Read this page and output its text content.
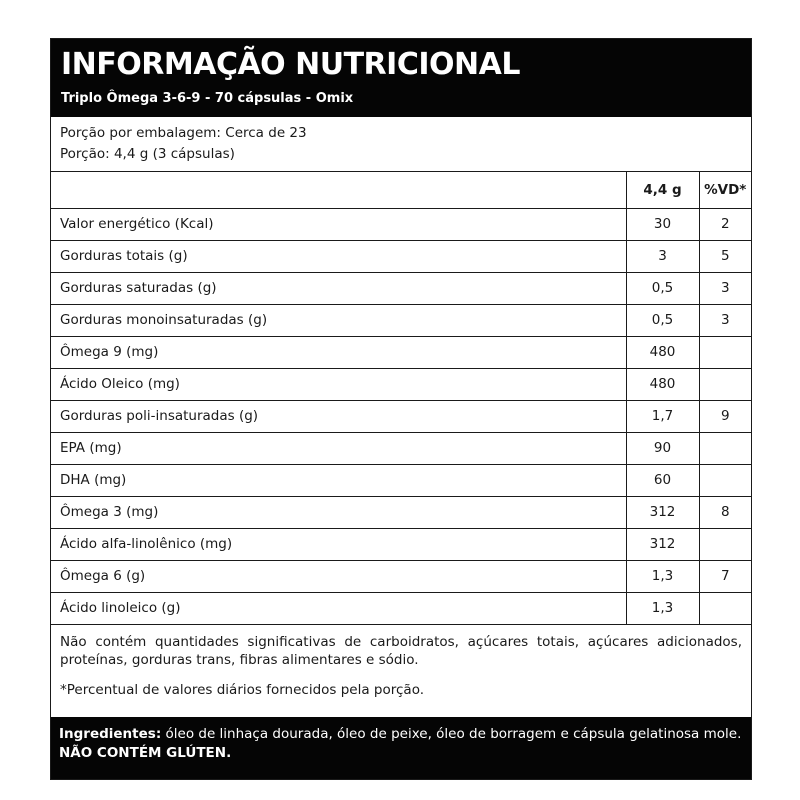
INFORMAÇÃO NUTRICIONAL
Triplo Ômega 3-6-9 - 70 cápsulas - Omix
Porção por embalagem: Cerca de 23
Porção: 4,4 g (3 cápsulas)
	4,4 g	%VD*
Valor energético (Kcal)	30	2
Gorduras totais (g)	3	5
Gorduras saturadas (g)	0,5	3
Gorduras monoinsaturadas (g)	0,5	3
Ômega 9 (mg)	480	
Ácido Oleico (mg)	480	
Gorduras poli-insaturadas (g)	1,7	9
EPA (mg)	90	
DHA (mg)	60	
Ômega 3 (mg)	312	8
Ácido alfa-linolênico (mg)	312	
Ômega 6 (g)	1,3	7
Ácido linoleico (g)	1,3	
Não contém quantidades significativas de carboidratos, açúcares totais, açúcares adicionados, proteínas, gorduras trans, fibras alimentares e sódio.
*Percentual de valores diários fornecidos pela porção.
Ingredientes: óleo de linhaça dourada, óleo de peixe, óleo de borragem e cápsula gelatinosa mole.
NÃO CONTÉM GLÚTEN.
